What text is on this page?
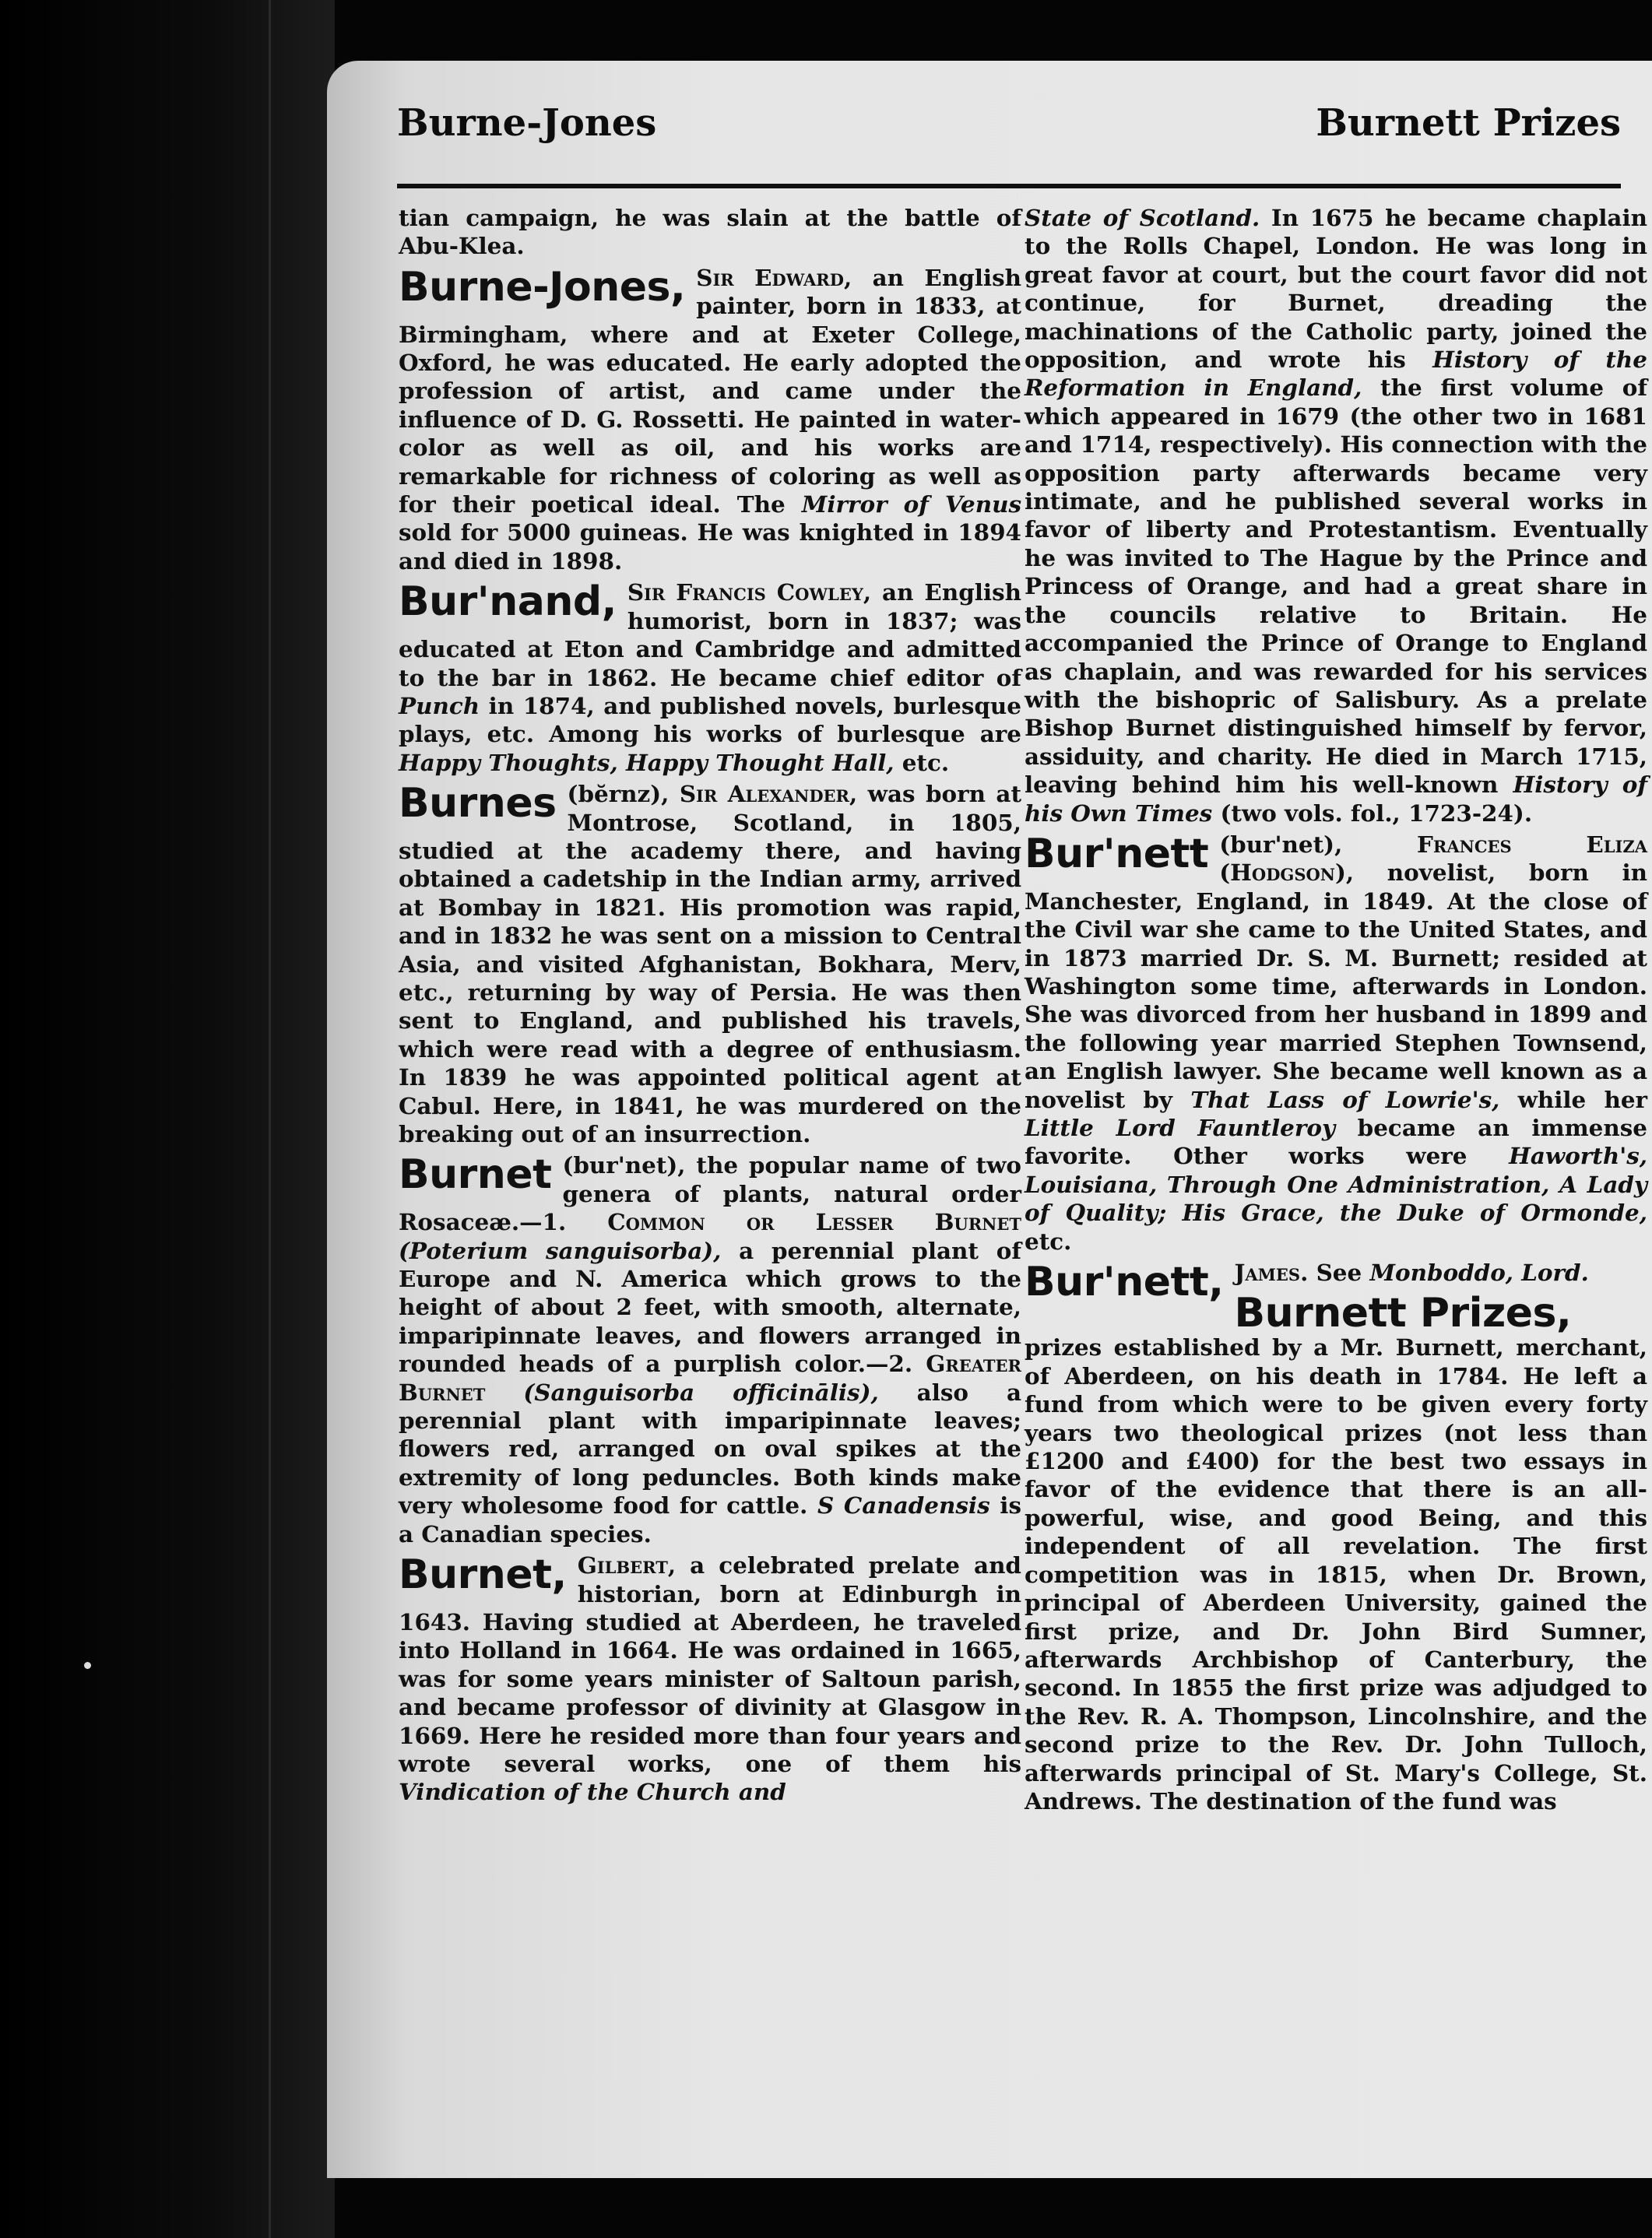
Burne-Jones	Burnett Prizes

tian campaign, he was slain at the battle of Abu-Klea.

Burne-Jones, Sir Edward, an English painter, born in 1833, at Birmingham, where and at Exeter College, Oxford, he was educated. He early adopted the profession of artist, and came under the influence of D. G. Rossetti. He painted in water-color as well as oil, and his works are remarkable for richness of coloring as well as for their poetical ideal. The Mirror of Venus sold for 5000 guineas. He was knighted in 1894 and died in 1898.

Bur'nand, Sir Francis Cowley, an English humorist, born in 1837; was educated at Eton and Cambridge and admitted to the bar in 1862. He became chief editor of Punch in 1874, and published novels, burlesque plays, etc. Among his works of burlesque are Happy Thoughts, Happy Thought Hall, etc.

Burnes (bĕrnz), Sir Alexander, was born at Montrose, Scotland, in 1805, studied at the academy there, and having obtained a cadetship in the Indian army, arrived at Bombay in 1821. His promotion was rapid, and in 1832 he was sent on a mission to Central Asia, and visited Afghanistan, Bokhara, Merv, etc., returning by way of Persia. He was then sent to England, and published his travels, which were read with a degree of enthusiasm. In 1839 he was appointed political agent at Cabul. Here, in 1841, he was murdered on the breaking out of an insurrection.

Burnet (bur'net), the popular name of two genera of plants, natural order Rosaceæ.—1. Common or Lesser Burnet (Poterium sanguisorba), a perennial plant of Europe and N. America which grows to the height of about 2 feet, with smooth, alternate, imparipinnate leaves, and flowers arranged in rounded heads of a purplish color.—2. Greater Burnet (Sanguisorba officinālis), also a perennial plant with imparipinnate leaves; flowers red, arranged on oval spikes at the extremity of long peduncles. Both kinds make very wholesome food for cattle. S Canadensis is a Canadian species.

Burnet, Gilbert, a celebrated prelate and historian, born at Edinburgh in 1643. Having studied at Aberdeen, he traveled into Holland in 1664. He was ordained in 1665, was for some years minister of Saltoun parish, and became professor of divinity at Glasgow in 1669. Here he resided more than four years and wrote several works, one of them his Vindication of the Church and

State of Scotland. In 1675 he became chaplain to the Rolls Chapel, London. He was long in great favor at court, but the court favor did not continue, for Burnet, dreading the machinations of the Catholic party, joined the opposition, and wrote his History of the Reformation in England, the first volume of which appeared in 1679 (the other two in 1681 and 1714, respectively). His connection with the opposition party afterwards became very intimate, and he published several works in favor of liberty and Protestantism. Eventually he was invited to The Hague by the Prince and Princess of Orange, and had a great share in the councils relative to Britain. He accompanied the Prince of Orange to England as chaplain, and was rewarded for his services with the bishopric of Salisbury. As a prelate Bishop Burnet distinguished himself by fervor, assiduity, and charity. He died in March 1715, leaving behind him his well-known History of his Own Times (two vols. fol., 1723-24).

Bur'nett (bur'net),	Frances Eliza (Hodgson), novelist, born in Manchester, England, in 1849. At the close of the Civil war she came to the United States, and in 1873 married Dr. S. M. Burnett; resided at Washington some time, afterwards in London. She was divorced from her husband in 1899 and the following year married Stephen Townsend, an English lawyer. She became well known as a novelist by That Lass of Lowrie's, while her Little Lord Fauntleroy became an immense favorite. Other works were Haworth's, Louisiana, Through One Administration, A Lady of Quality; His Grace, the Duke of Ormonde, etc.

Bur'nett, James. See Monboddo, Lord.

Burnett Prizes,
prizes established by a Mr. Burnett, merchant, of Aberdeen, on his death in 1784. He left a fund from which were to be given every forty years two theological prizes (not less than £1200 and £400) for the best two essays in favor of the evidence that there is an all-powerful, wise, and good Being, and this independent of all revelation. The first competition was in 1815, when Dr. Brown, principal of Aberdeen University, gained the first prize, and Dr. John Bird Sumner, afterwards Archbishop of Canterbury, the second. In 1855 the first prize was adjudged to the Rev. R. A. Thompson, Lincolnshire, and the second prize to the Rev. Dr. John Tulloch, afterwards principal of St. Mary's College, St. Andrews. The destination of the fund was
